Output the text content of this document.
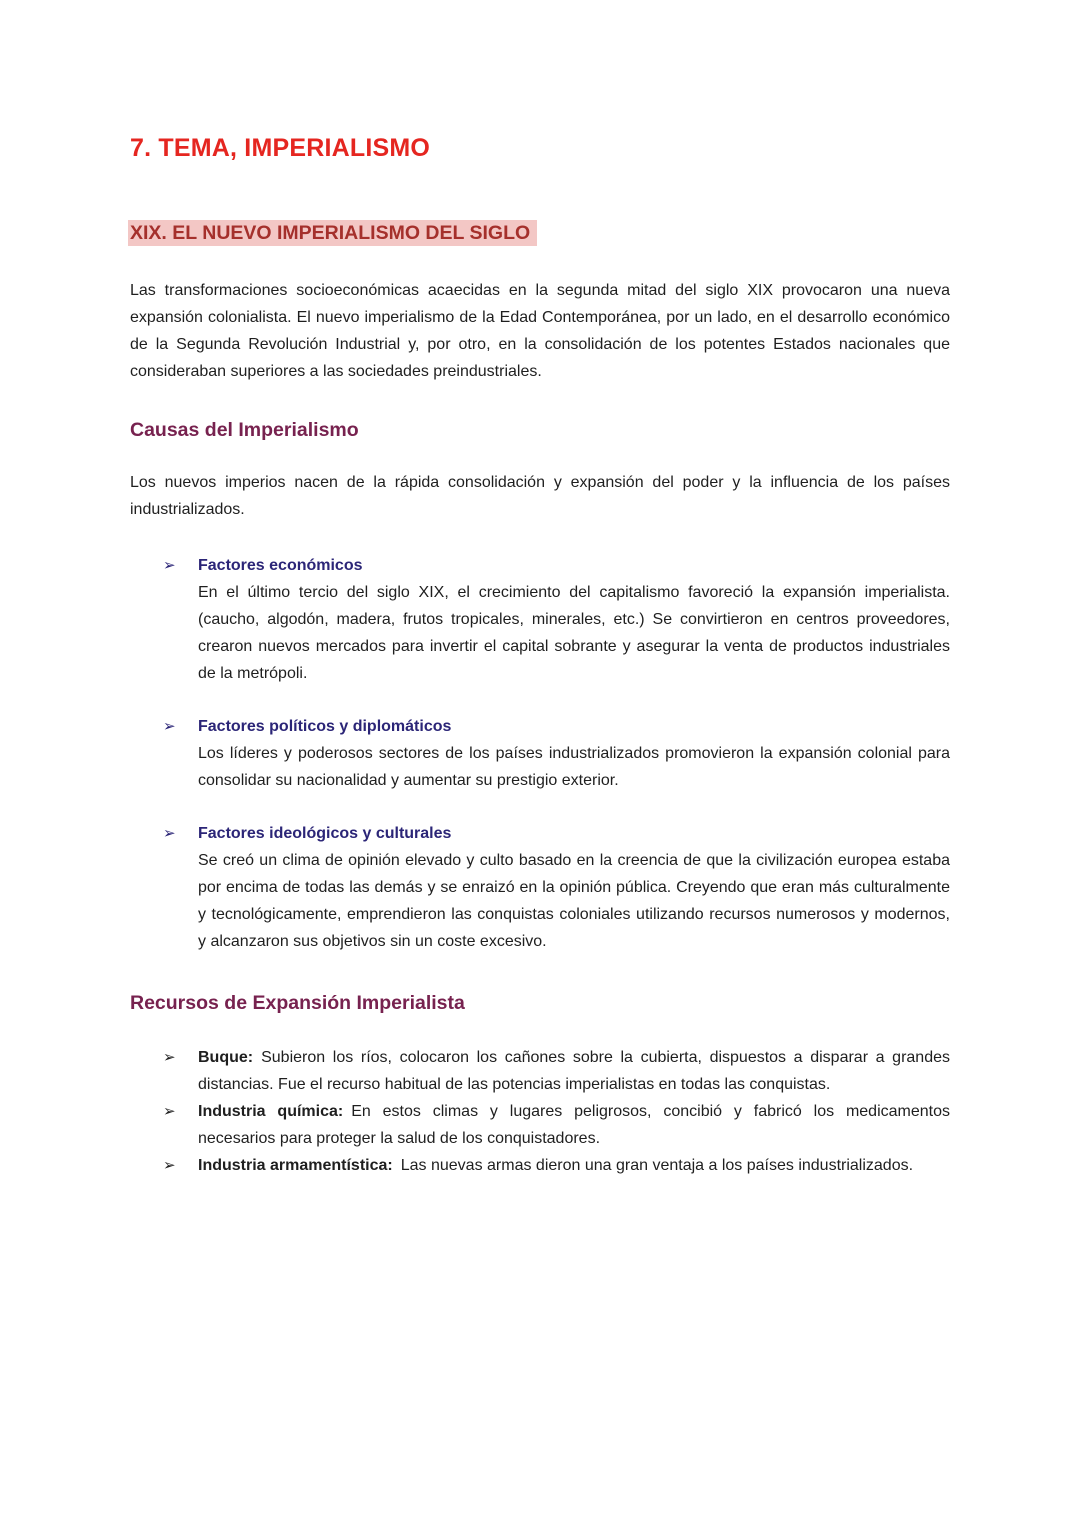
7. TEMA, IMPERIALISMO
XIX. EL NUEVO IMPERIALISMO DEL SIGLO

Las transformaciones socioeconómicas acaecidas en la segunda mitad del siglo XIX provocaron una nueva expansión colonialista. El nuevo imperialismo de la Edad Contemporánea, por un lado, en el desarrollo económico de la Segunda Revolución Industrial y, por otro, en la consolidación de los potentes Estados nacionales que consideraban superiores a las sociedades preindustriales.

Causas del Imperialismo

Los nuevos imperios nacen de la rápida consolidación y expansión del poder y la influencia de los países industrializados.

➢	Factores económicos
En el último tercio del siglo XIX, el crecimiento del capitalismo favoreció la expansión imperialista. (caucho, algodón, madera, frutos tropicales, minerales, etc.) Se convirtieron en centros proveedores, crearon nuevos mercados para invertir el capital sobrante y asegurar la venta de productos industriales de la metrópoli.
➢	Factores políticos y diplomáticos
Los líderes y poderosos sectores de los países industrializados promovieron la expansión colonial para consolidar su nacionalidad y aumentar su prestigio exterior.
➢	Factores ideológicos y culturales
Se creó un clima de opinión elevado y culto basado en la creencia de que la civilización europea estaba por encima de todas las demás y se enraizó en la opinión pública. Creyendo que eran más culturalmente y tecnológicamente, emprendieron las conquistas coloniales utilizando recursos numerosos y modernos, y alcanzaron sus objetivos sin un coste excesivo.
Recursos de Expansión Imperialista
➢	Buque: Subieron los ríos, colocaron los cañones sobre la cubierta, dispuestos a disparar a grandes distancias. Fue el recurso habitual de las potencias imperialistas en todas las conquistas.
➢	Industria química: En estos climas y lugares peligrosos, concibió y fabricó los medicamentos necesarios para proteger la salud de los conquistadores.
➢	Industria armamentística: Las nuevas armas dieron una gran ventaja a los países industrializados.
